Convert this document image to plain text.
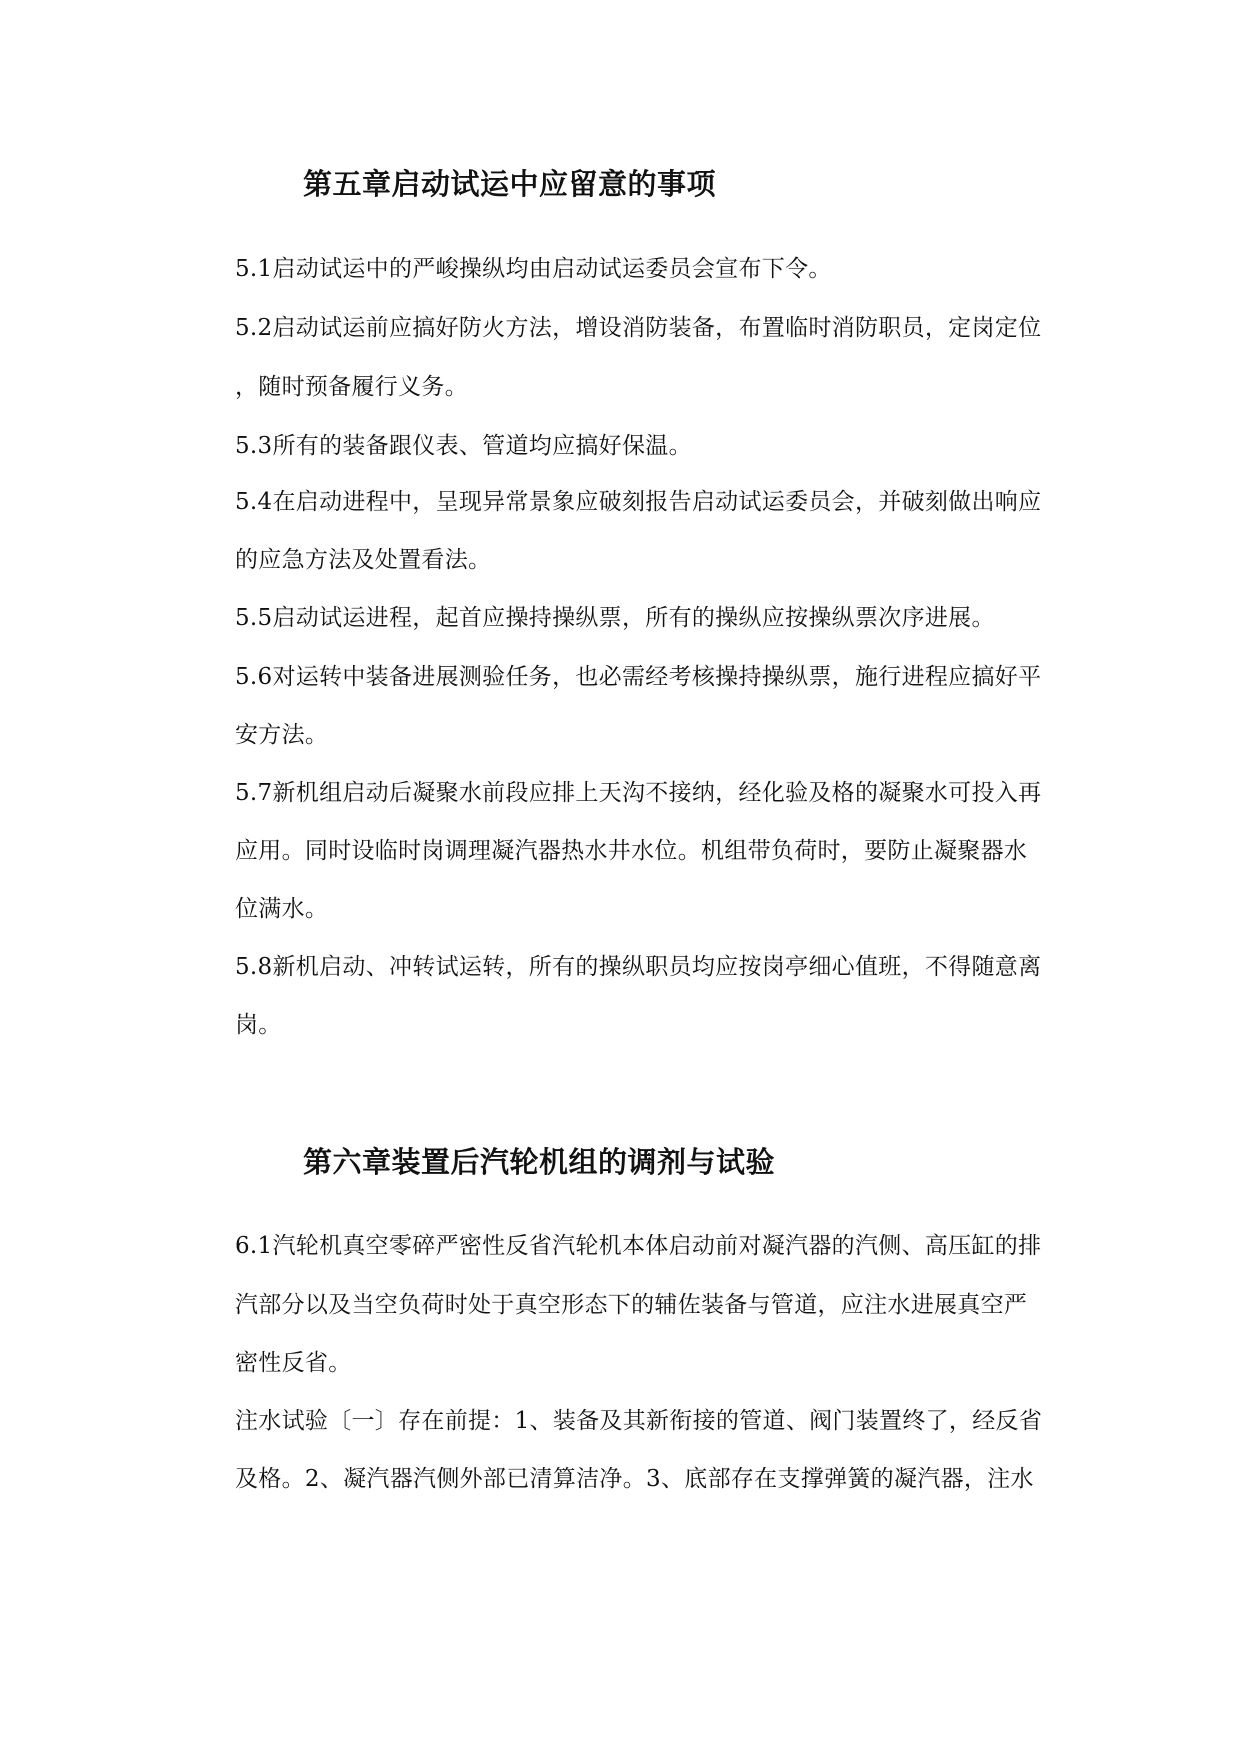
第五章启动试运中应留意的事项
5.1启动试运中的严峻操纵均由启动试运委员会宣布下令。
5.2启动试运前应搞好防火方法，增设消防装备，布置临时消防职员，定岗定位
，随时预备履行义务。
5.3所有的装备跟仪表、管道均应搞好保温。
5.4在启动进程中，呈现异常景象应破刻报告启动试运委员会，并破刻做出响应
的应急方法及处置看法。
5.5启动试运进程，起首应操持操纵票，所有的操纵应按操纵票次序进展。
5.6对运转中装备进展测验任务，也必需经考核操持操纵票，施行进程应搞好平
安方法。
5.7新机组启动后凝聚水前段应排上天沟不接纳，经化验及格的凝聚水可投入再
应用。同时设临时岗调理凝汽器热水井水位。机组带负荷时，要防止凝聚器水
位满水。
5.8新机启动、冲转试运转，所有的操纵职员均应按岗亭细心值班，不得随意离
岗。
第六章装置后汽轮机组的调剂与试验
6.1汽轮机真空零碎严密性反省汽轮机本体启动前对凝汽器的汽侧、高压缸的排
汽部分以及当空负荷时处于真空形态下的辅佐装备与管道，应注水进展真空严
密性反省。
注水试验〔一〕存在前提：1、装备及其新衔接的管道、阀门装置终了，经反省
及格。2、凝汽器汽侧外部已清算洁净。3、底部存在支撑弹簧的凝汽器，注水
